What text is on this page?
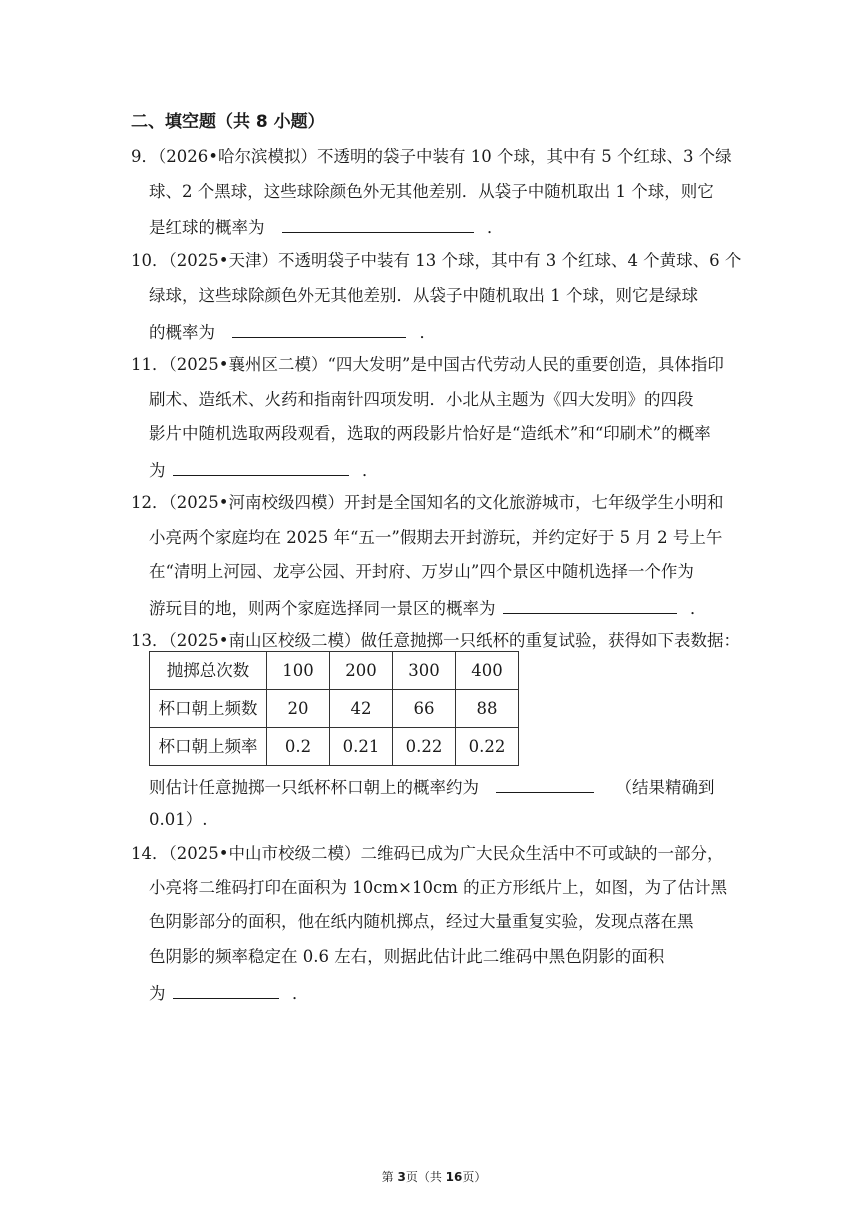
二、填空题（共 8 小题）
9．（2026•哈尔滨模拟）不透明的袋子中装有 10 个球，其中有 5 个红球、3 个绿
球、2 个黑球，这些球除颜色外无其他差别．从袋子中随机取出 1 个球，则它
是红球的概率为	．
10．（2025•天津）不透明袋子中装有 13 个球，其中有 3 个红球、4 个黄球、6 个
绿球，这些球除颜色外无其他差别．从袋子中随机取出 1 个球，则它是绿球
的概率为	．
11．（2025•襄州区二模）“四大发明”是中国古代劳动人民的重要创造，具体指印
刷术、造纸术、火药和指南针四项发明．小北从主题为《四大发明》的四段
影片中随机选取两段观看，选取的两段影片恰好是“造纸术”和“印刷术”的概率
为	．
12．（2025•河南校级四模）开封是全国知名的文化旅游城市，七年级学生小明和
小亮两个家庭均在 2025 年“五一”假期去开封游玩，并约定好于 5 月 2 号上午
在“清明上河园、龙亭公园、开封府、万岁山”四个景区中随机选择一个作为
游玩目的地，则两个家庭选择同一景区的概率为	．
13．（2025•南山区校级二模）做任意抛掷一只纸杯的重复试验，获得如下表数据：
抛掷总次数	100	200	300	400
杯口朝上频数	20	42	66	88
杯口朝上频率	0.2	0.21	0.22	0.22
则估计任意抛掷一只纸杯杯口朝上的概率约为	（结果精确到
0.01）.
14．（2025•中山市校级二模）二维码已成为广大民众生活中不可或缺的一部分，
小亮将二维码打印在面积为 10cm×10cm 的正方形纸片上，如图，为了估计黑
色阴影部分的面积，他在纸内随机掷点，经过大量重复实验，发现点落在黑
色阴影的频率稳定在 0.6 左右，则据此估计此二维码中黑色阴影的面积
为	．
第 3页（共 16页）
